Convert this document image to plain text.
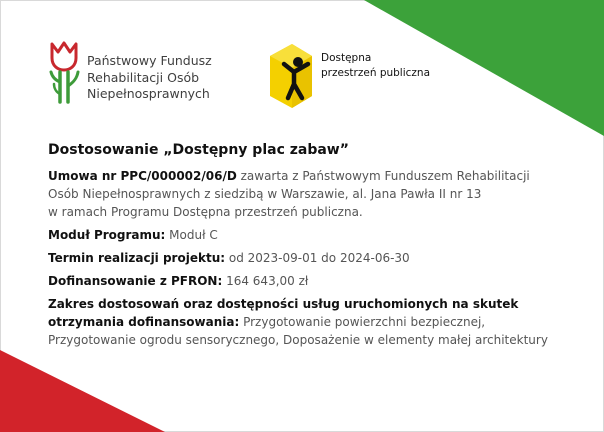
Państwowy Fundusz
Rehabilitacji Osób
Niepełnosprawnych
Dostępna
przestrzeń publiczna
Dostosowanie „Dostępny plac zabaw”
Umowa nr PPC/000002/06/D zawarta z Państwowym Funduszem Rehabilitacji
Osób Niepełnosprawnych z siedzibą w Warszawie, al. Jana Pawła II nr 13
w ramach Programu Dostępna przestrzeń publiczna.
Moduł Programu: Moduł C
Termin realizacji projektu: od 2023-09-01 do 2024-06-30
Dofinansowanie z PFRON: 164 643,00 zł
Zakres dostosowań oraz dostępności usług uruchomionych na skutek
otrzymania dofinansowania: Przygotowanie powierzchni bezpiecznej,
Przygotowanie ogrodu sensorycznego, Doposażenie w elementy małej architektury
